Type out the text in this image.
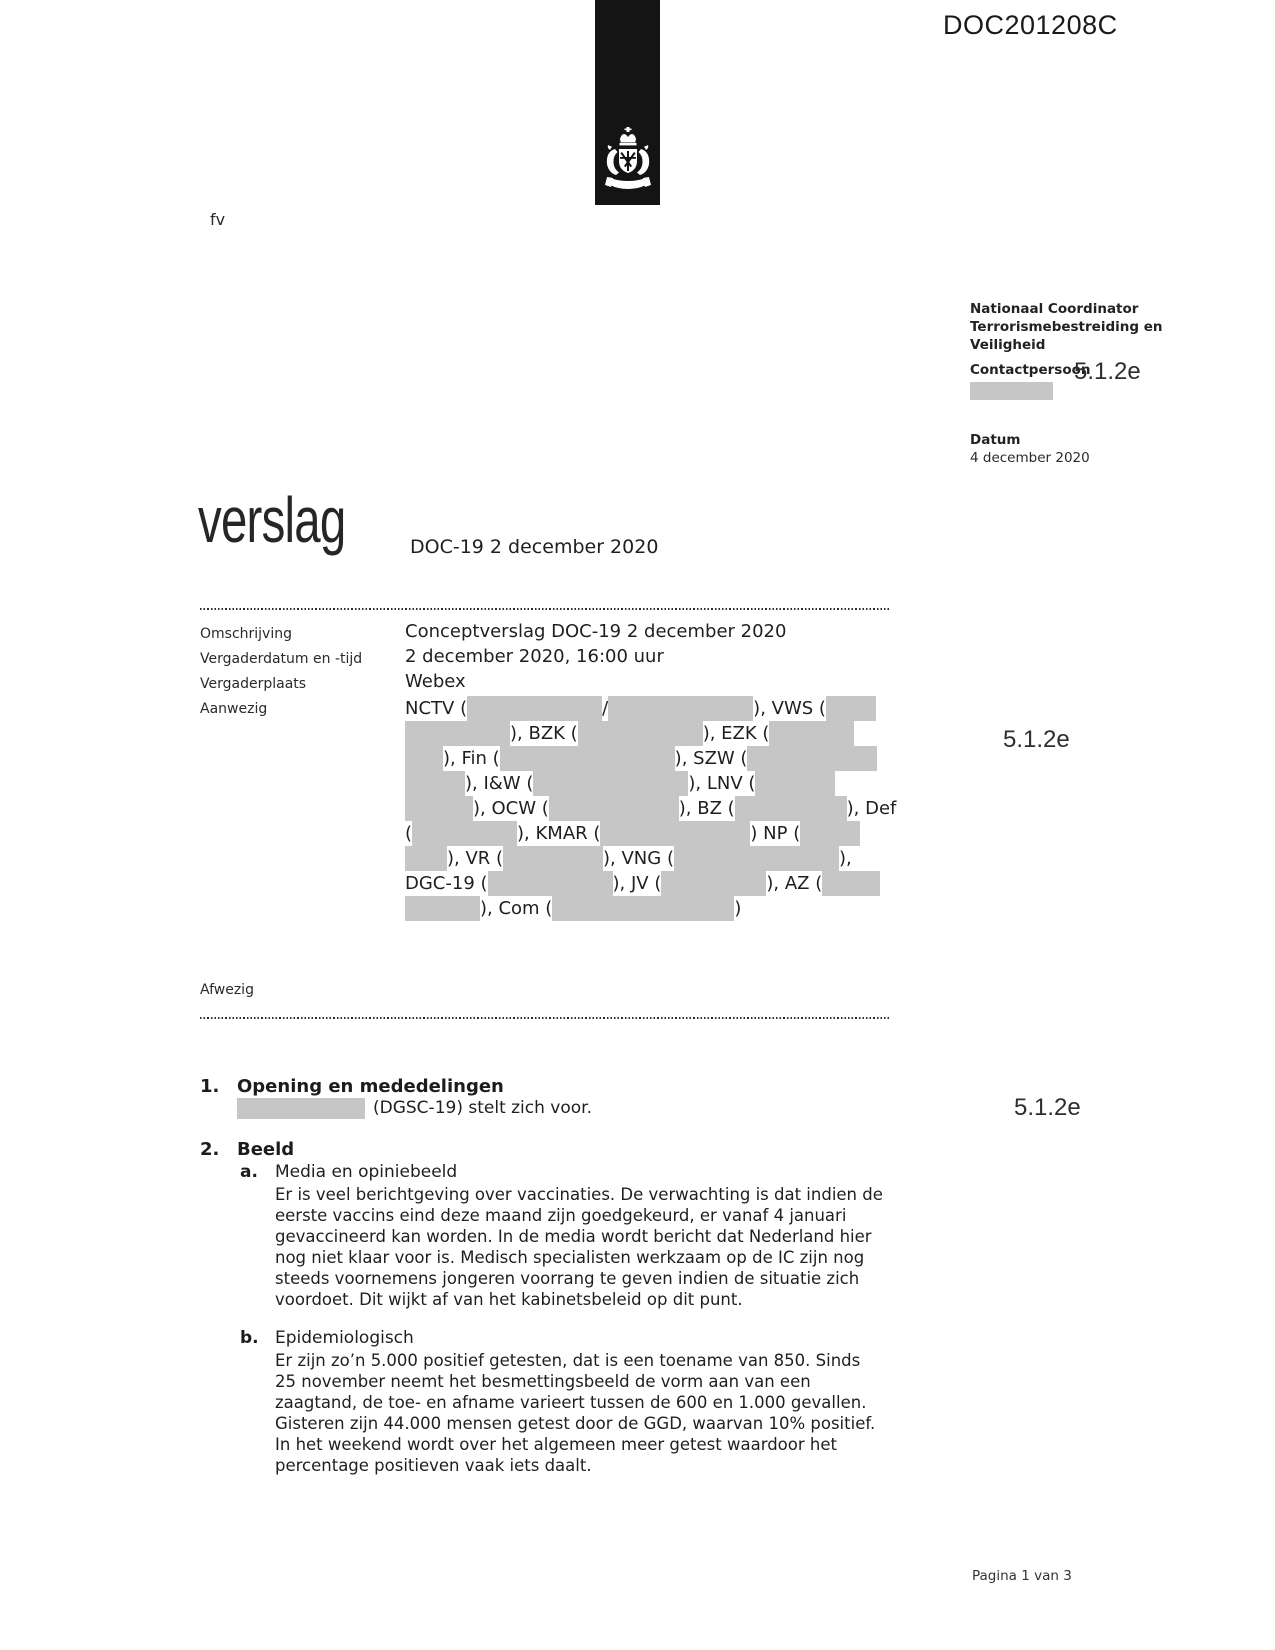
DOC201208C
fv
Nationaal Coordinator
Terrorismebestreiding en
Veiligheid
Contactpersoon
5.1.2e
Datum
4 december 2020
verslag	DOC-19 2 december 2020
Omschrijving	Conceptverslag DOC-19 2 december 2020
Vergaderdatum en -tijd 2 december 2020, 16:00 uur
Vergaderplaats	Webex
Aanwezig	NCTV (	/	), VWS (
), BZK (	), EZK (
), Fin (	), SZW (
), I&W (	), LNV (
), OCW (	), BZ (	), Def
(	), KMAR (	) NP (
), VR (	), VNG (	),
DGC-19 (	), JV (	), AZ (
), Com (	)
5.1.2e
Afwezig
1. Opening en mededelingen
(DGSC-19) stelt zich voor.	5.1.2e
2. Beeld
a. Media en opiniebeeld
Er is veel berichtgeving over vaccinaties. De verwachting is dat indien de
eerste vaccins eind deze maand zijn goedgekeurd, er vanaf 4 januari
gevaccineerd kan worden. In de media wordt bericht dat Nederland hier
nog niet klaar voor is. Medisch specialisten werkzaam op de IC zijn nog
steeds voornemens jongeren voorrang te geven indien de situatie zich
voordoet. Dit wijkt af van het kabinetsbeleid op dit punt.
b. Epidemiologisch
Er zijn zo’n 5.000 positief getesten, dat is een toename van 850. Sinds
25 november neemt het besmettingsbeeld de vorm aan van een
zaagtand, de toe- en afname varieert tussen de 600 en 1.000 gevallen.
Gisteren zijn 44.000 mensen getest door de GGD, waarvan 10% positief.
In het weekend wordt over het algemeen meer getest waardoor het
percentage positieven vaak iets daalt.
Pagina 1 van 3
